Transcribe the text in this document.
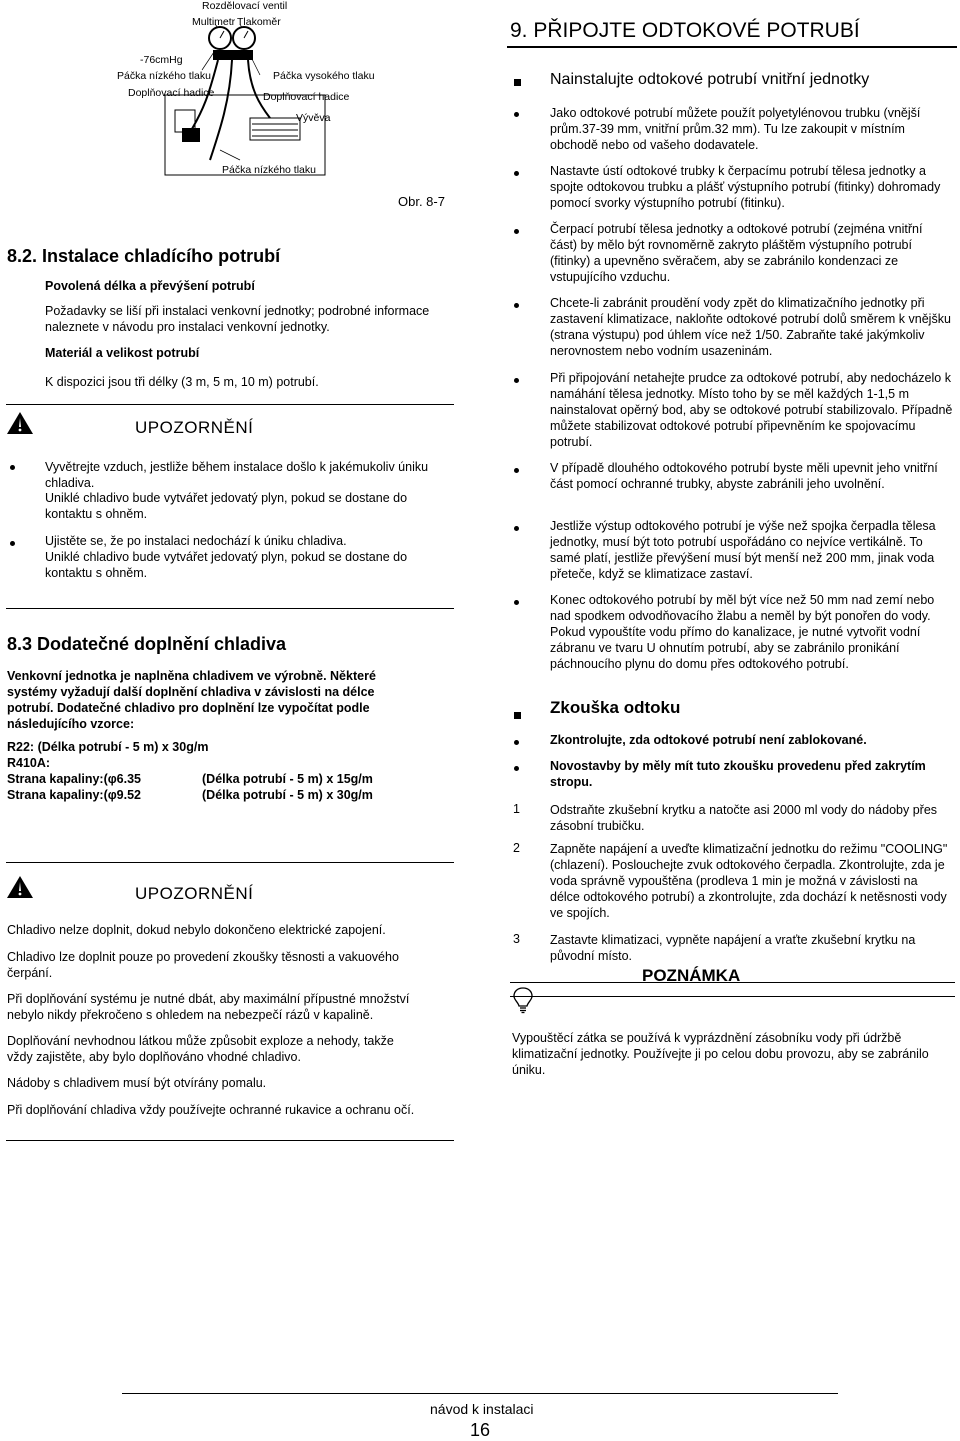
Rozdělovací ventil
Multimetr Tlakoměr
-76cmHg
Páčka nízkého tlaku
Doplňovací hadice
Páčka vysokého tlaku
Doplňovací hadice
Vývěva
Páčka nízkého tlaku
Obr. 8-7
8.2. Instalace chladícího potrubí
Povolená délka a převýšení potrubí
Požadavky se liší při instalaci venkovní jednotky; podrobné informace naleznete v návodu pro instalaci venkovní jednotky.
Materiál a velikost potrubí
K dispozici jsou tři délky (3 m, 5 m, 10 m) potrubí.
UPOZORNĚNÍ
Vyvětrejte vzduch, jestliže během instalace došlo k jakémukoliv úniku chladiva.
Uniklé chladivo bude vytvářet jedovatý plyn, pokud se dostane do kontaktu s ohněm.
Ujistěte se, že po instalaci nedochází k úniku chladiva.
Uniklé chladivo bude vytvářet jedovatý plyn, pokud se dostane do kontaktu s ohněm.
8.3 Dodatečné doplnění chladiva
Venkovní jednotka je naplněna chladivem ve výrobně. Některé systémy vyžadují další doplnění chladiva v závislosti na délce potrubí. Dodatečné chladivo pro doplnění lze vypočítat podle následujícího vzorce:
R22: (Délka potrubí - 5 m) x 30g/m
R410A:
Strana kapaliny:(φ6.35	(Délka potrubí - 5 m) x 15g/m
Strana kapaliny:(φ9.52	(Délka potrubí - 5 m) x 30g/m
UPOZORNĚNÍ
Chladivo nelze doplnit, dokud nebylo dokončeno elektrické zapojení.
Chladivo lze doplnit pouze po provedení zkoušky těsnosti a vakuového čerpání.
Při doplňování systému je nutné dbát, aby maximální přípustné množství nebylo nikdy překročeno s ohledem na nebezpečí rázů v kapalině.
Doplňování nevhodnou látkou může způsobit exploze a nehody, takže vždy zajistěte, aby bylo doplňováno vhodné chladivo.
Nádoby s chladivem musí být otvírány pomalu.
Při doplňování chladiva vždy používejte ochranné rukavice a ochranu očí.
9. PŘIPOJTE ODTOKOVÉ POTRUBÍ
Nainstalujte odtokové potrubí vnitřní jednotky
Jako odtokové potrubí můžete použít polyetylénovou trubku (vnější prům.37-39 mm, vnitřní prům.32 mm). Tu lze zakoupit v místním obchodě nebo od vašeho dodavatele.
Nastavte ústí odtokové trubky k čerpacímu potrubí tělesa jednotky a spojte odtokovou trubku a plášť výstupního potrubí (fitinky) dohromady pomocí svorky výstupního potrubí (fitinku).
Čerpací potrubí tělesa jednotky a odtokové potrubí (zejména vnitřní část) by mělo být rovnoměrně zakryto pláštěm výstupního potrubí (fitinky) a upevněno svěračem, aby se zabránilo kondenzaci ze vstupujícího vzduchu.
Chcete-li zabránit proudění vody zpět do klimatizačního jednotky při zastavení klimatizace, nakloňte odtokové potrubí dolů směrem k vnějšku (strana výstupu) pod úhlem více než 1/50. Zabraňte také jakýmkoliv nerovnostem nebo vodním usazeninám.
Při připojování netahejte prudce za odtokové potrubí, aby nedocházelo k namáhání tělesa jednotky. Místo toho by se měl každých 1-1,5 m nainstalovat opěrný bod, aby se odtokové potrubí stabilizovalo. Případně můžete stabilizovat odtokové potrubí připevněním ke spojovacímu potrubí.
V případě dlouhého odtokového potrubí byste měli upevnit jeho vnitřní část pomocí ochranné trubky, abyste zabránili jeho uvolnění.
Jestliže výstup odtokového potrubí je výše než spojka čerpadla tělesa jednotky, musí být toto potrubí uspořádáno co nejvíce vertikálně. To samé platí, jestliže převýšení musí být menší než 200 mm, jinak voda přeteče, když se klimatizace zastaví.
Konec odtokového potrubí by měl být více než 50 mm nad zemí nebo nad spodkem odvodňovacího žlabu a neměl by být ponořen do vody. Pokud vypouštíte vodu přímo do kanalizace, je nutné vytvořit vodní zábranu ve tvaru U ohnutím potrubí, aby se zabránilo pronikání páchnoucího plynu do domu přes odtokového potrubí.
Zkouška odtoku
Zkontrolujte, zda odtokové potrubí není zablokované.
Novostavby by měly mít tuto zkoušku provedenu před zakrytím stropu.
1 Odstraňte zkušební krytku a natočte asi 2000 ml vody do nádoby přes zásobní trubičku.
2 Zapněte napájení a uveďte klimatizační jednotku do režimu "COOLING" (chlazení). Poslouchejte zvuk odtokového čerpadla. Zkontrolujte, zda je voda správně vypouštěna (prodleva 1 min je možná v závislosti na délce odtokového potrubí) a zkontrolujte, zda dochází k netěsnosti vody ve spojích.
3 Zastavte klimatizaci, vypněte napájení a vraťte zkušební krytku na původní místo.
POZNÁMKA
Vypouštěcí zátka se používá k vyprázdnění zásobníku vody při údržbě klimatizační jednotky. Používejte ji po celou dobu provozu, aby se zabránilo úniku.
návod k instalaci
16
